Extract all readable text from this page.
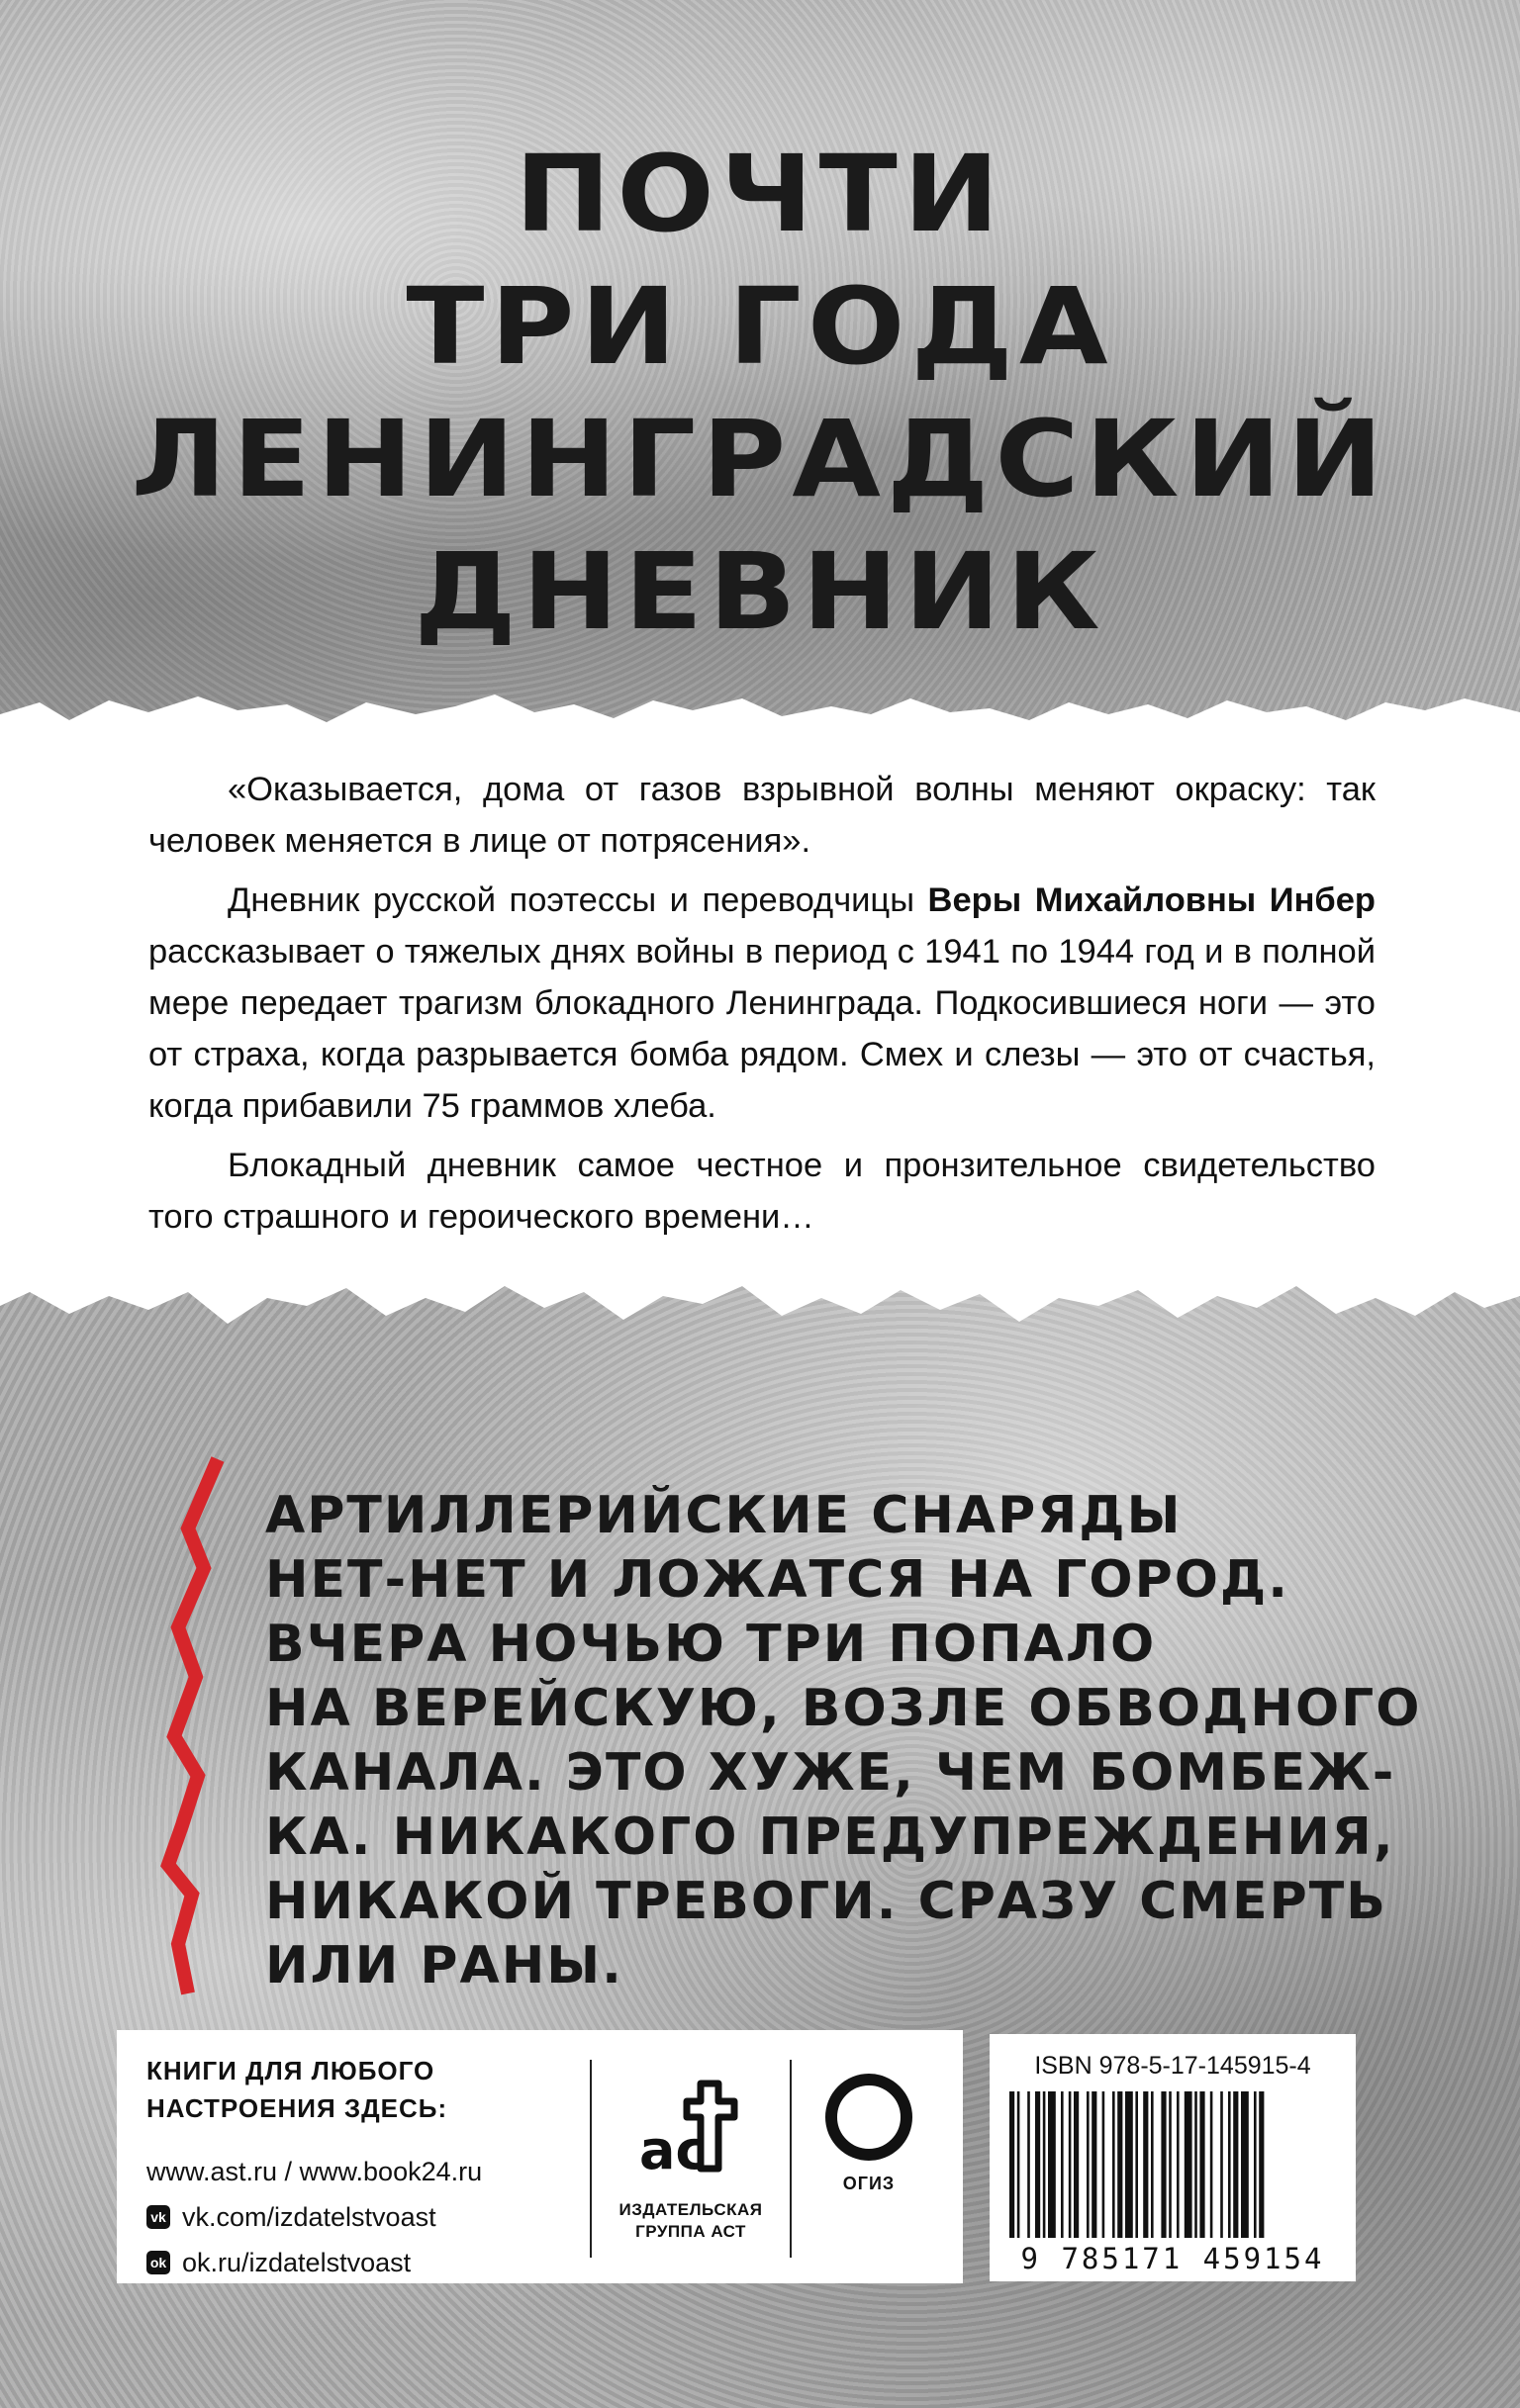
ПОЧТИ
ТРИ ГОДА
ЛЕНИНГРАДСКИЙ
ДНЕВНИК

«Оказывается, дома от газов взрывной волны меняют окраску: так человек меняется в лице от потрясения».

Дневник русской поэтессы и переводчицы Веры Михайловны Инбер рассказывает о тяжелых днях войны в период с 1941 по 1944 год и в полной мере передает трагизм блокадного Ленинграда. Подкосившиеся ноги — это от страха, когда разрывается бомба рядом. Смех и слезы — это от счастья, когда прибавили 75 граммов хлеба.

Блокадный дневник самое честное и пронзительное свидетельство того страшного и героического времени…

АРТИЛЛЕРИЙСКИЕ СНАРЯДЫ
НЕТ-НЕТ И ЛОЖАТСЯ НА ГОРОД.
ВЧЕРА НОЧЬЮ ТРИ ПОПАЛО
НА ВЕРЕЙСКУЮ, ВОЗЛЕ ОБВОДНОГО
КАНАЛА. ЭТО ХУЖЕ, ЧЕМ БОМБЕЖ-
КА. НИКАКОГО ПРЕДУПРЕЖДЕНИЯ,
НИКАКОЙ ТРЕВОГИ. СРАЗУ СМЕРТЬ
ИЛИ РАНЫ.
КНИГИ ДЛЯ ЛЮБОГО
НАСТРОЕНИЯ ЗДЕСЬ:
www.ast.ru / www.book24.ru
vk vk.com/izdatelstvoast
ok ok.ru/izdatelstvoast
ас
ИЗДАТЕЛЬСКАЯ
ГРУППА АСТ
ОГИЗ
ISBN 978-5-17-145915-4
9 785171 459154
